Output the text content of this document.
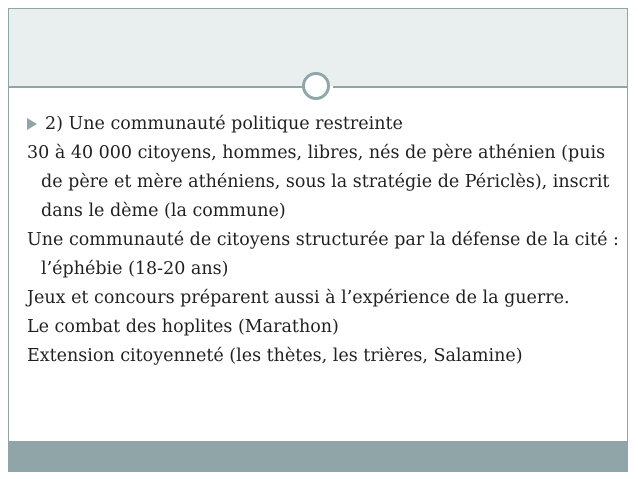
2) Une communauté politique restreinte

30 à 40 000 citoyens, hommes, libres, nés de père athénien (puis de père et mère athéniens, sous la stratégie de Périclès), inscrit dans le dème (la commune)

Une communauté de citoyens structurée par la défense de la cité : l’éphébie (18-20 ans)

Jeux et concours préparent aussi à l’expérience de la guerre.

Le combat des hoplites (Marathon)

Extension citoyenneté (les thètes, les trières, Salamine)
